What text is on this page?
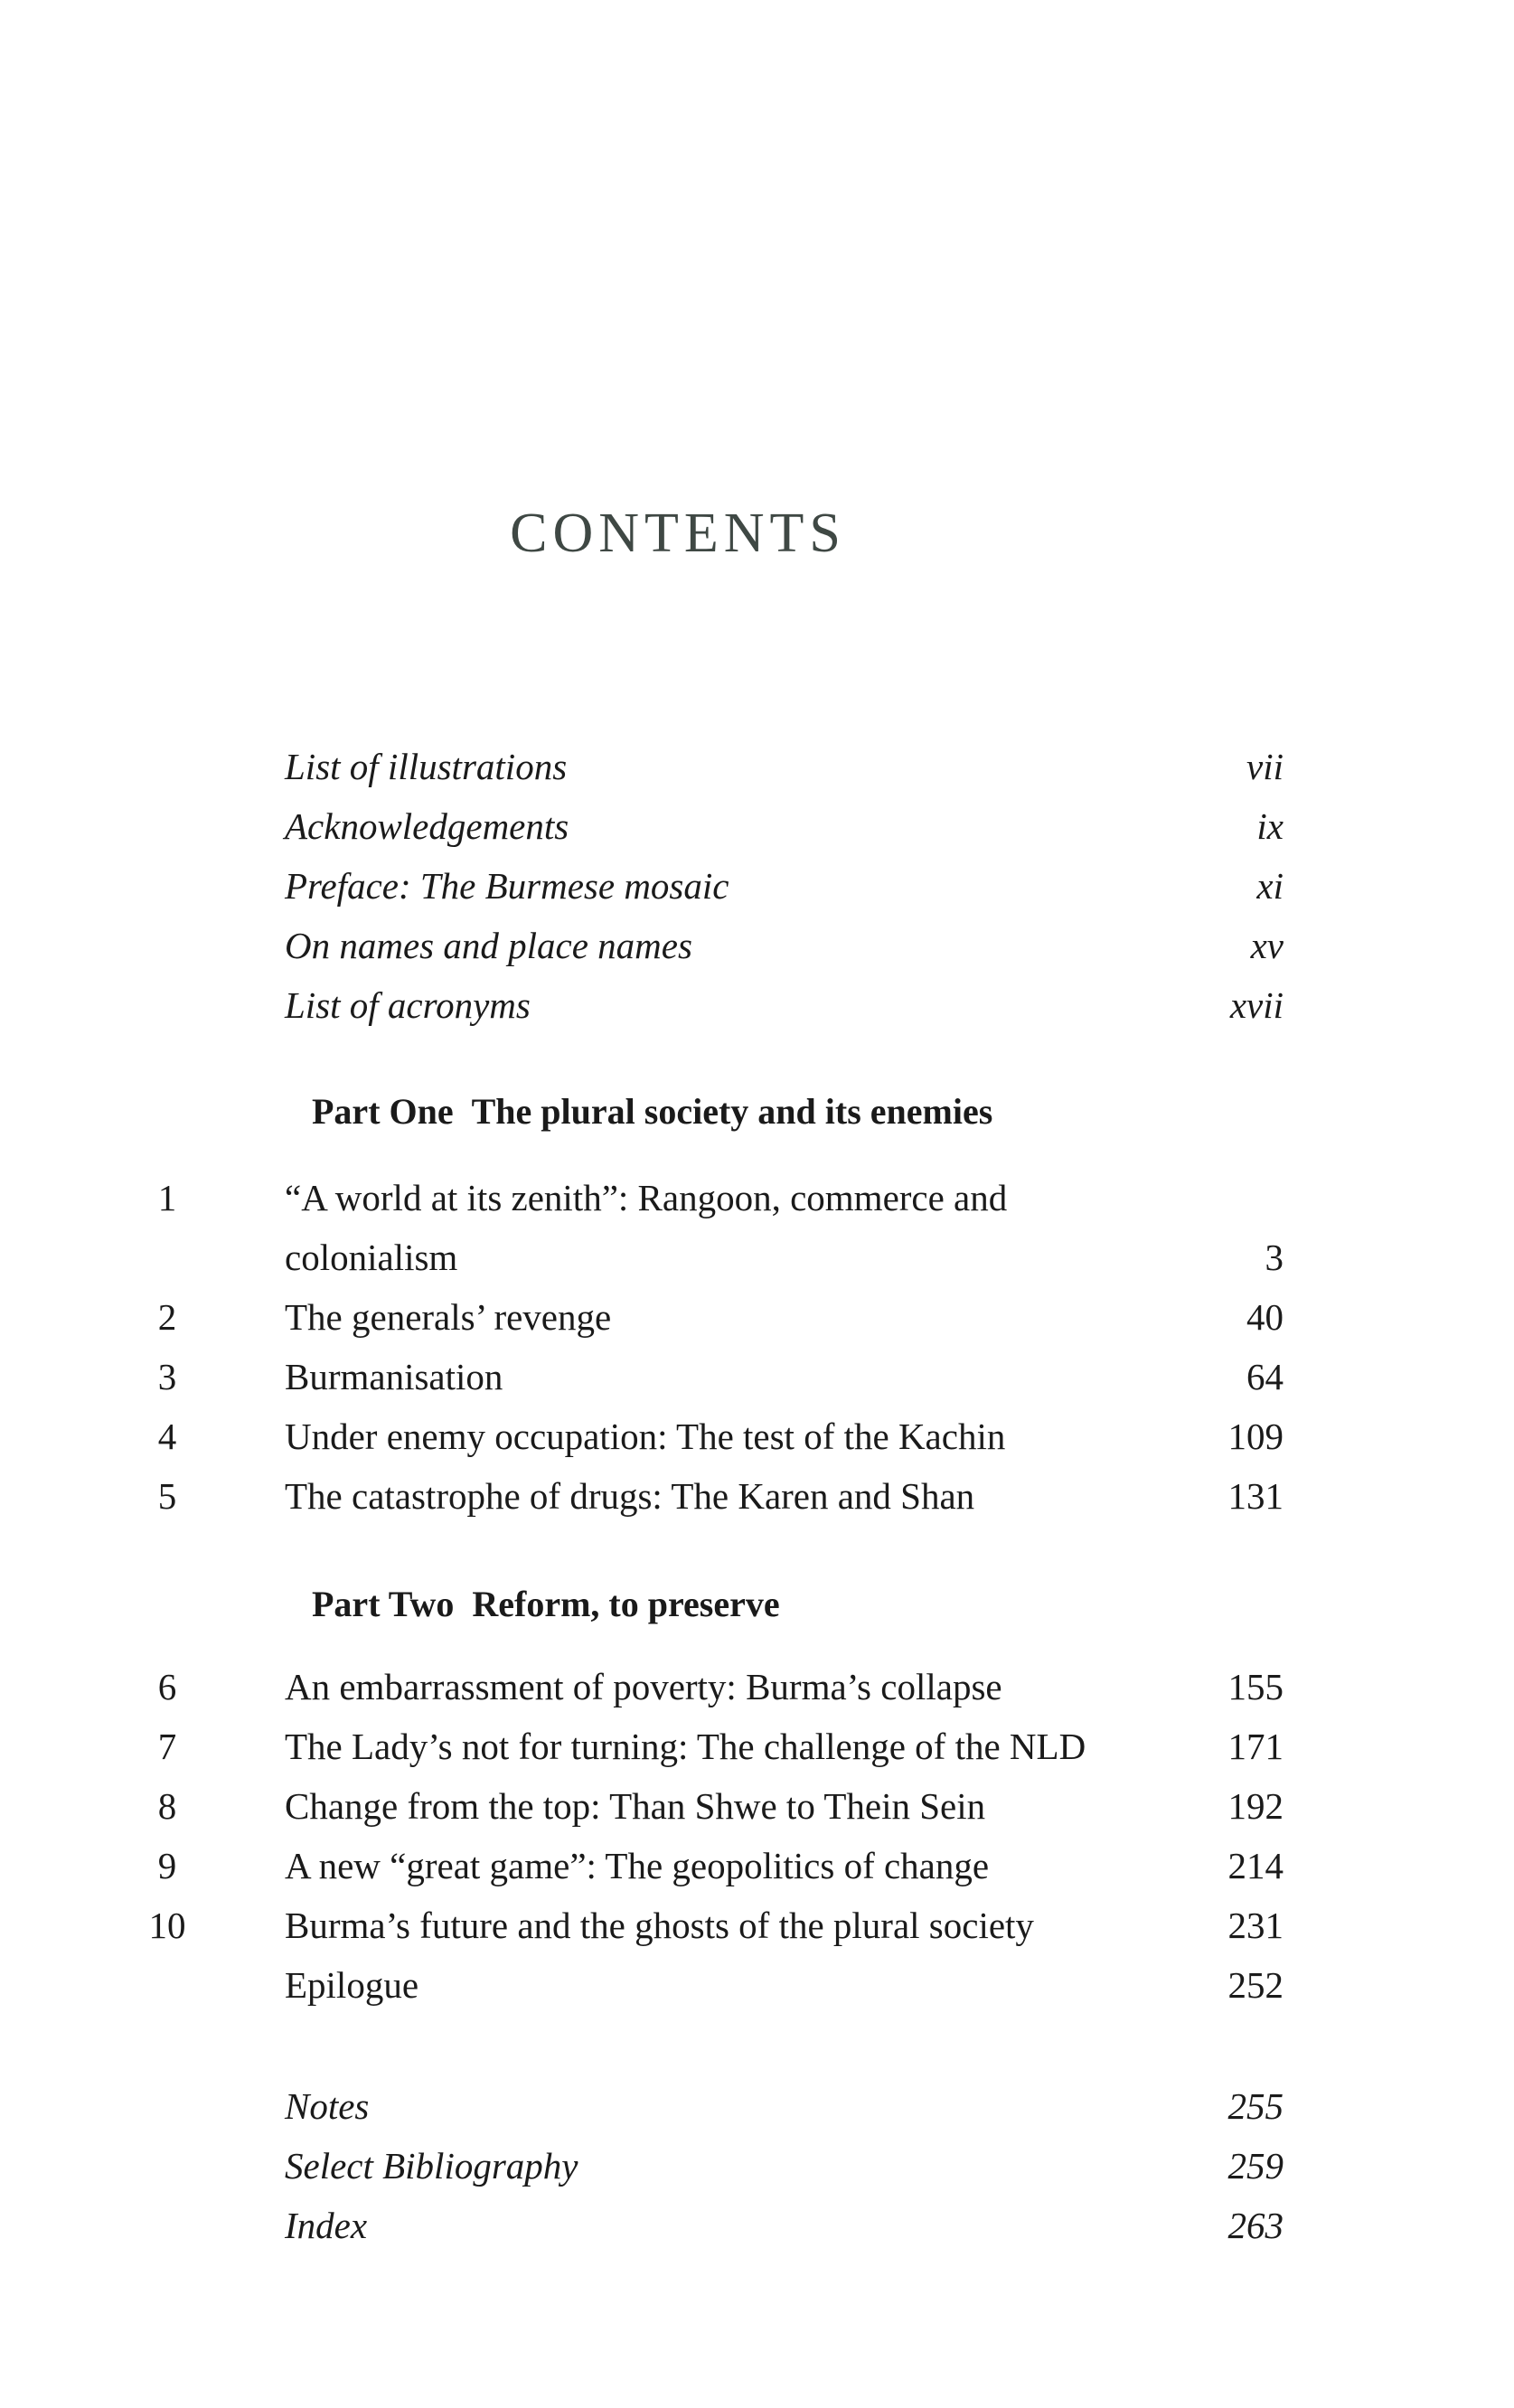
CONTENTS
List of illustrations	vii
Acknowledgements	ix
Preface: The Burmese mosaic	xi
On names and place names	xv
List of acronyms	xvii
Part One The plural society and its enemies
1	“A world at its zenith”: Rangoon, commerce and
colonialism	3
2	The generals’ revenge	40
3	Burmanisation	64
4	Under enemy occupation: The test of the Kachin	109
5	The catastrophe of drugs: The Karen and Shan	131
Part Two Reform, to preserve
6	An embarrassment of poverty: Burma’s collapse	155
7	The Lady’s not for turning: The challenge of the NLD	171
8	Change from the top: Than Shwe to Thein Sein	192
9	A new “great game”: The geopolitics of change	214
10	Burma’s future and the ghosts of the plural society	231
Epilogue	252
Notes	255
Select Bibliography	259
Index	263
